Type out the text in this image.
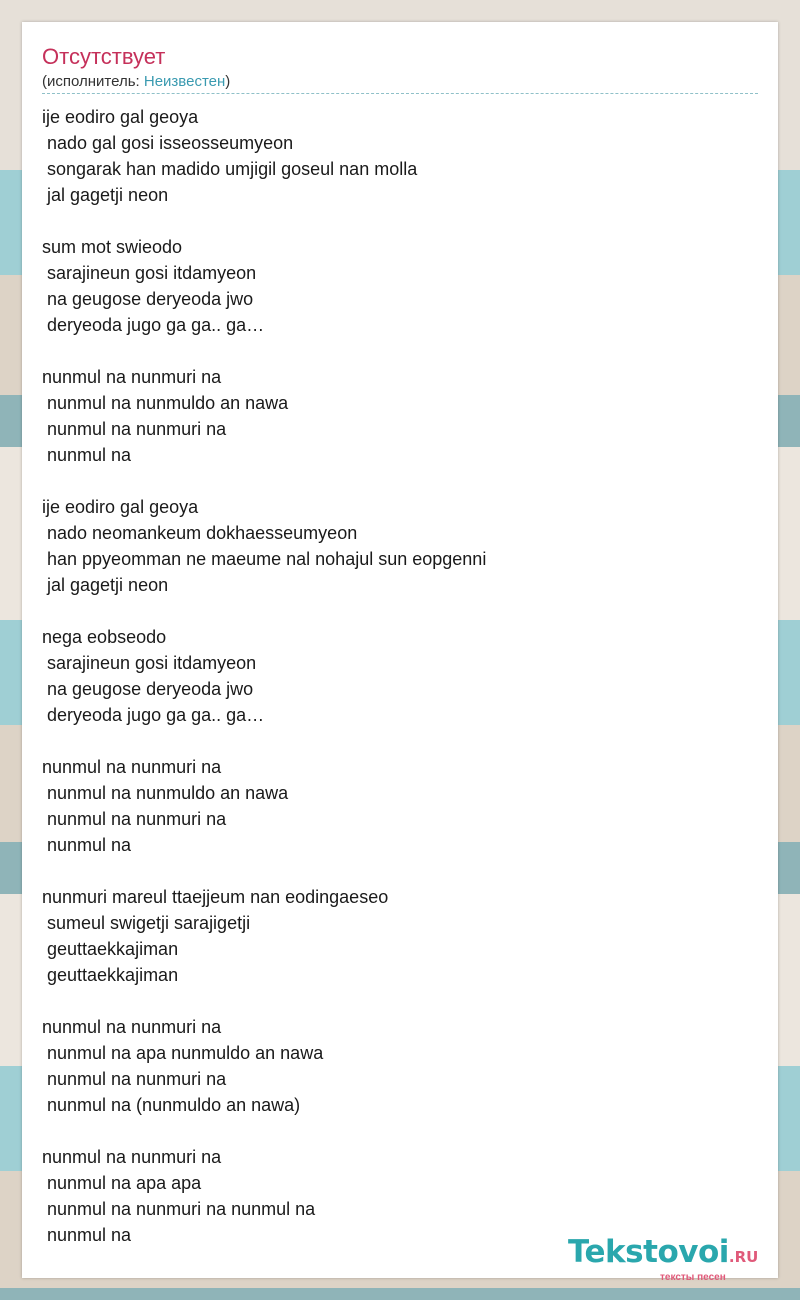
Отсутствует
(исполнитель: Неизвестен)
ije eodiro gal geoya
nado gal gosi isseosseumyeon
songarak han madido umjigil goseul nan molla
jal gagetji neon
sum mot swieodo
sarajineun gosi itdamyeon
na geugose deryeoda jwo
deryeoda jugo ga ga.. ga…
nunmul na nunmuri na
nunmul na nunmuldo an nawa
nunmul na nunmuri na
nunmul na
ije eodiro gal geoya
nado neomankeum dokhaesseumyeon
han ppyeomman ne maeume nal nohajul sun eopgenni
jal gagetji neon
nega eobseodo
sarajineun gosi itdamyeon
na geugose deryeoda jwo
deryeoda jugo ga ga.. ga…
nunmul na nunmuri na
nunmul na nunmuldo an nawa
nunmul na nunmuri na
nunmul na
nunmuri mareul ttaejjeum nan eodingaeseo
sumeul swigetji sarajigetji
geuttaekkajiman
geuttaekkajiman
nunmul na nunmuri na
nunmul na apa nunmuldo an nawa
nunmul na nunmuri na
nunmul na (nunmuldo an nawa)
nunmul na nunmuri na
nunmul na apa apa
nunmul na nunmuri na nunmul na
nunmul na	Tekstovoi.RU
тексты песен
